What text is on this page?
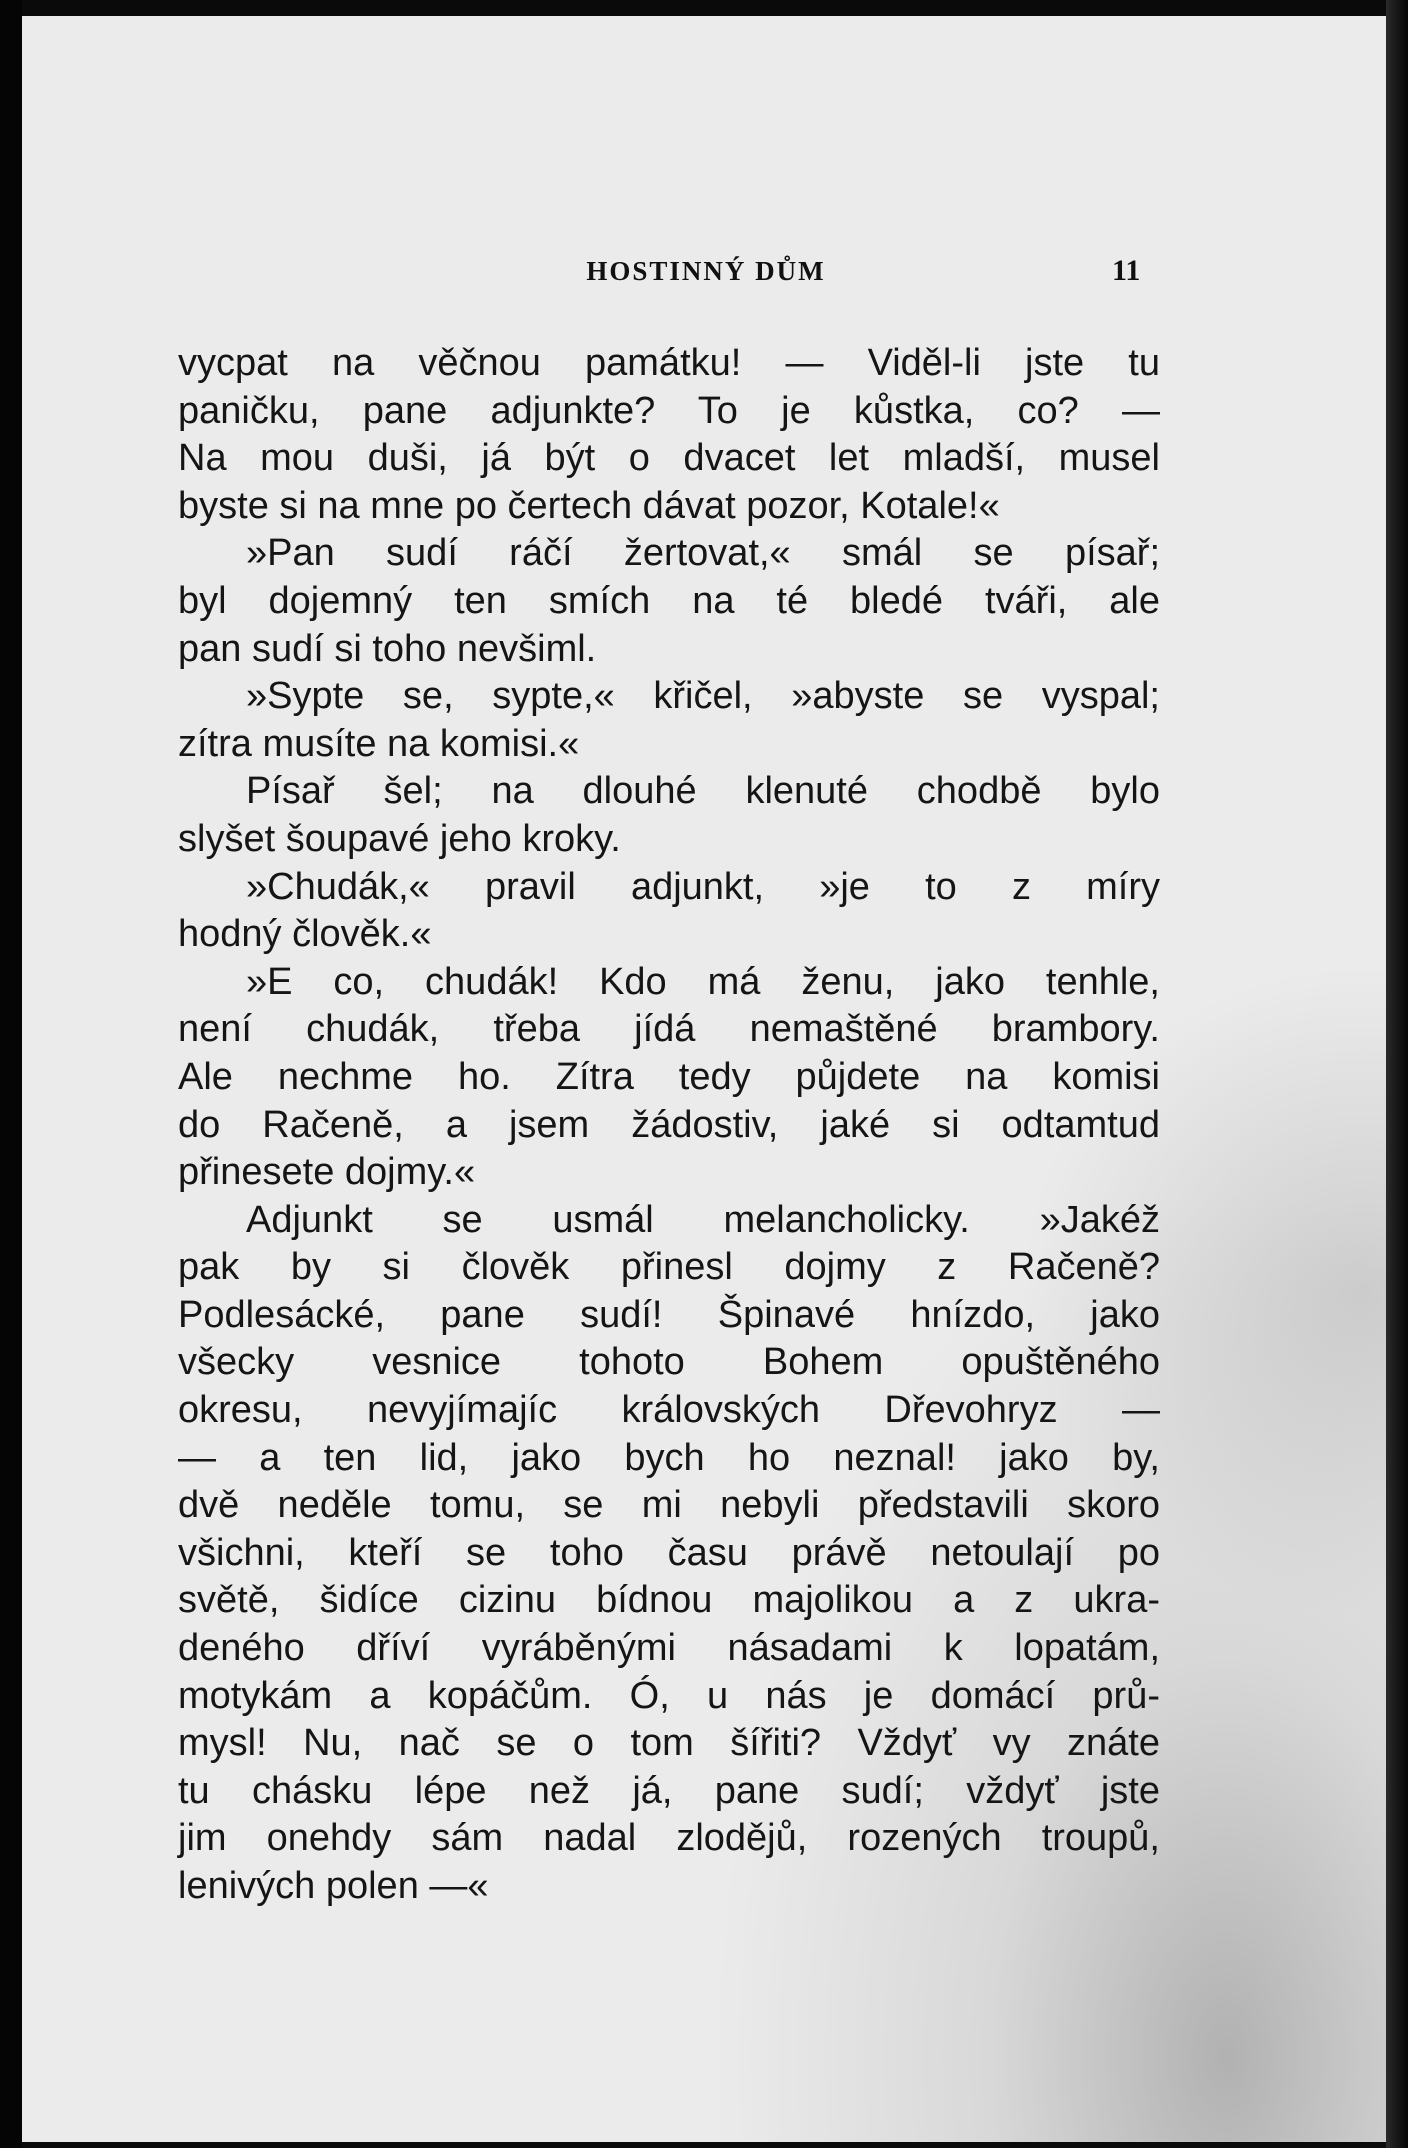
HOSTINNÝ DŮM	11
vycpat na věčnou památku! — Viděl-li jste tu
paničku, pane adjunkte? To je kůstka, co? —
Na mou duši, já být o dvacet let mladší, musel
byste si na mne po čertech dávat pozor, Kotale!«
»Pan sudí ráčí žertovat,« smál se písař;
byl dojemný ten smích na té bledé tváři, ale
pan sudí si toho nevšiml.
»Sypte se, sypte,« křičel, »abyste se vyspal;
zítra musíte na komisi.«
Písař šel; na dlouhé klenuté chodbě bylo
slyšet šoupavé jeho kroky.
»Chudák,« pravil adjunkt, »je to z míry
hodný člověk.«
»E co, chudák! Kdo má ženu, jako tenhle,
není chudák, třeba jídá nemaštěné brambory.
Ale nechme ho. Zítra tedy půjdete na komisi
do Račeně, a jsem žádostiv, jaké si odtamtud
přinesete dojmy.«
Adjunkt se usmál melancholicky. »Jakéž
pak by si člověk přinesl dojmy z Račeně?
Podlesácké, pane sudí! Špinavé hnízdo, jako
všecky vesnice tohoto Bohem opuštěného
okresu, nevyjímajíc královských Dřevohryz —
— a ten lid, jako bych ho neznal! jako by,
dvě neděle tomu, se mi nebyli představili skoro
všichni, kteří se toho času právě netoulají po
světě, šidíce cizinu bídnou majolikou a z ukra-
deného dříví vyráběnými násadami k lopatám,
motykám a kopáčům. Ó, u nás je domácí prů-
mysl! Nu, nač se o tom šířiti? Vždyť vy znáte
tu chásku lépe než já, pane sudí; vždyť jste
jim onehdy sám nadal zlodějů, rozených troupů,
lenivých polen —«
